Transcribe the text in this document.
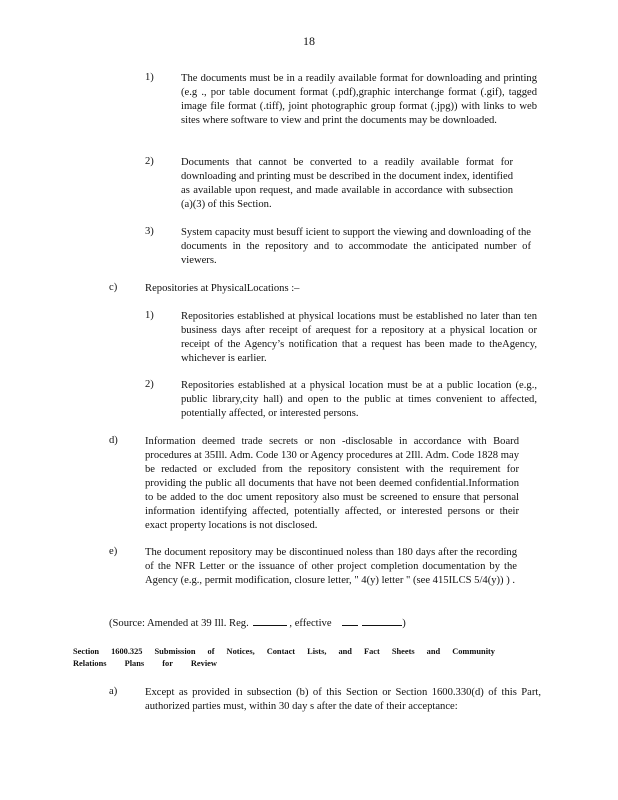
18
1)	The documents must be in a readily available format for downloading and printing (e.g ., por table document format (.pdf),graphic interchange format (.gif), tagged image file format (.tiff), joint photographic group format (.jpg)) with links to web sites where software to view and print the documents may be downloaded.
2)	Documents that cannot be converted to a readily available format for downloading and printing must be described in the document index, identified as available upon request, and made available in accordance with subsection (a)(3) of this Section.
3)	System capacity must besuff icient to support the viewing and downloading of the documents in the repository and to accommodate the anticipated number of viewers.
c)	Repositories at PhysicalLocations :–
1)	Repositories established at physical locations must be established no later than ten business days after receipt of arequest for a repository at a physical location or receipt of the Agency’s notification that a request has been made to theAgency, whichever is earlier.
2)	Repositories established at a physical location must be at a public location (e.g., public library,city hall) and open to the public at times convenient to affected, potentially affected, or interested persons.
d)	Information deemed trade secrets or non -disclosable in accordance with Board procedures at 35Ill. Adm. Code 130 or Agency procedures at 2Ill. Adm. Code 1828 may be redacted or excluded from the repository consistent with the requirement for providing the public all documents that have not been deemed confidential.Information to be added to the doc ument repository also must be screened to ensure that personal information identifying affected, potentially affected, or interested persons or their exact property locations is not disclosed.
e)	The document repository may be discontinued noless than 180 days after the recording of the NFR Letter or the issuance of other project completion documentation by the Agency (e.g., permit modification, closure letter, " 4(y) letter " (see 415ILCS 5/4(y)) ) .
(Source: Amended at 39 Ill. Reg.	, effective	)
Section 1600.325 Submission of Notices, Contact Lists, and Fact Sheets and Community
Relations Plans for Review
a)	Except as provided in subsection (b) of this Section or Section 1600.330(d) of this Part, authorized parties must, within 30 day s after the date of their acceptance:
